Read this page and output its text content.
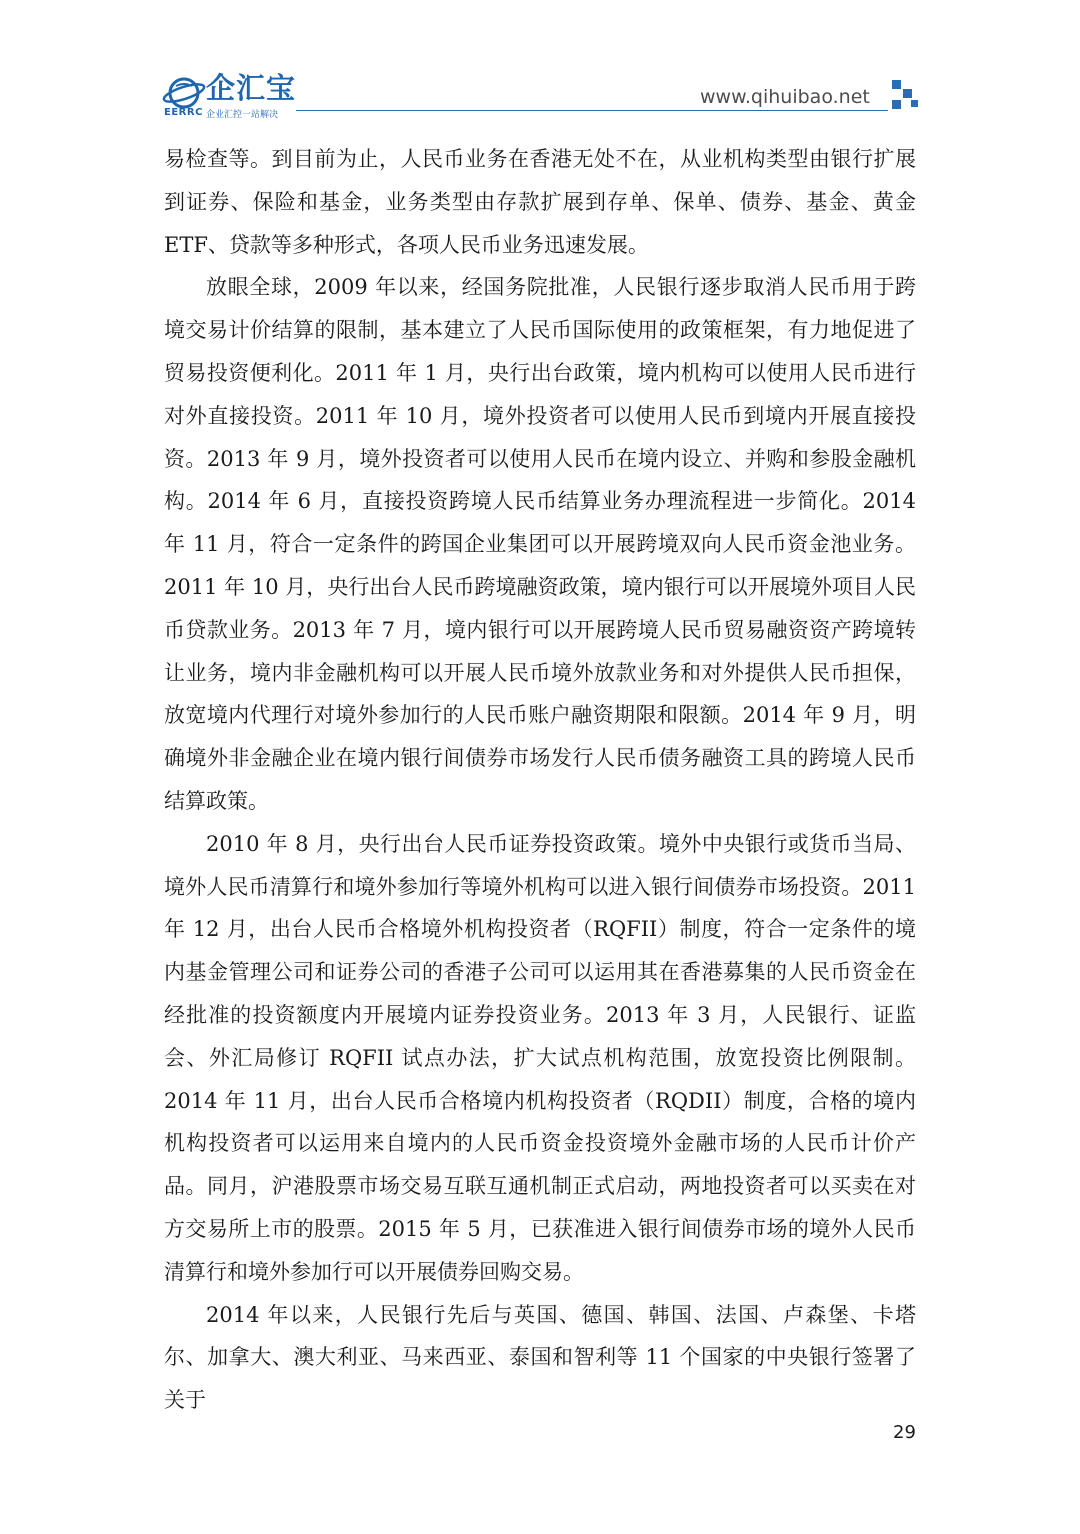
企汇宝
EERRC 企业汇控一站解决
www.qihuibao.net

易检查等。到目前为止，人民币业务在香港无处不在，从业机构类型由银行扩展到证券、保险和基金，业务类型由存款扩展到存单、保单、债券、基金、黄金 ETF、贷款等多种形式，各项人民币业务迅速发展。

放眼全球，2009 年以来，经国务院批准，人民银行逐步取消人民币用于跨境交易计价结算的限制，基本建立了人民币国际使用的政策框架，有力地促进了贸易投资便利化。2011 年 1 月，央行出台政策，境内机构可以使用人民币进行对外直接投资。2011 年 10 月，境外投资者可以使用人民币到境内开展直接投资。2013 年 9 月，境外投资者可以使用人民币在境内设立、并购和参股金融机构。2014 年 6 月，直接投资跨境人民币结算业务办理流程进一步简化。2014 年 11 月，符合一定条件的跨国企业集团可以开展跨境双向人民币资金池业务。2011 年 10 月，央行出台人民币跨境融资政策，境内银行可以开展境外项目人民币贷款业务。2013 年 7 月，境内银行可以开展跨境人民币贸易融资资产跨境转让业务，境内非金融机构可以开展人民币境外放款业务和对外提供人民币担保，放宽境内代理行对境外参加行的人民币账户融资期限和限额。2014 年 9 月，明确境外非金融企业在境内银行间债券市场发行人民币债务融资工具的跨境人民币结算政策。

2010 年 8 月，央行出台人民币证券投资政策。境外中央银行或货币当局、境外人民币清算行和境外参加行等境外机构可以进入银行间债券市场投资。2011 年 12 月，出台人民币合格境外机构投资者（RQFII）制度，符合一定条件的境内基金管理公司和证券公司的香港子公司可以运用其在香港募集的人民币资金在经批准的投资额度内开展境内证券投资业务。2013 年 3 月，人民银行、证监会、外汇局修订 RQFII 试点办法，扩大试点机构范围，放宽投资比例限制。2014 年 11 月，出台人民币合格境内机构投资者（RQDII）制度，合格的境内机构投资者可以运用来自境内的人民币资金投资境外金融市场的人民币计价产品。同月，沪港股票市场交易互联互通机制正式启动，两地投资者可以买卖在对方交易所上市的股票。2015 年 5 月，已获准进入银行间债券市场的境外人民币清算行和境外参加行可以开展债券回购交易。

2014 年以来，人民银行先后与英国、德国、韩国、法国、卢森堡、卡塔尔、加拿大、澳大利亚、马来西亚、泰国和智利等 11 个国家的中央银行签署了关于

29
